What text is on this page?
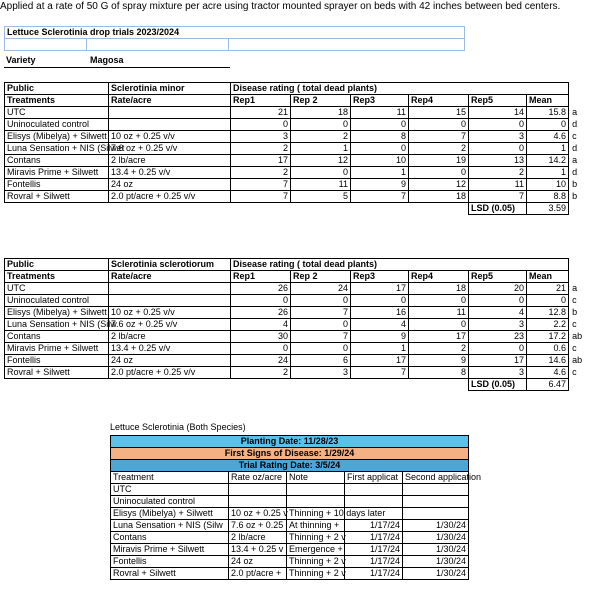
Applied at a rate of 50 G of spray mixture per acre using tractor mounted sprayer on beds with 42 inches between bed centers.
Lettuce Sclerotinia drop trials 2023/2024		

Variety	Magosa
Public	Sclerotinia minor	Disease rating ( total dead plants)						
Treatments	Rate/acre	Rep1	Rep 2	Rep3	Rep4	Rep5	Mean	
UTC		21	18	11	15	14	15.8	a
Uninoculated control		0	0	0	0	0	0	d
Elisys (Mibelya) + Silwett	10 oz + 0.25 v/v	3	2	8	7	3	4.6	c
Luna Sensation + NIS (Silwet	7.6 oz + 0.25 v/v	2	1	0	2	0	1	d
Contans	2 lb/acre	17	12	10	19	13	14.2	a
Miravis Prime + Silwett	13.4 + 0.25 v/v	2	0	1	0	2	1	d
Fontellis	24 oz	7	11	9	12	11	10	b
Rovral + Silwett	2.0 pt/acre + 0.25 v/v	7	5	7	18	7	8.8	b
						LSD (0.05)	3.59	
Public	Sclerotinia sclerotiorum	Disease rating ( total dead plants)						
Treatments	Rate/acre	Rep1	Rep 2	Rep3	Rep4	Rep5	Mean	
UTC		26	24	17	18	20	21	a
Uninoculated control		0	0	0	0	0	0	c
Elisys (Mibelya) + Silwett	10 oz + 0.25 v/v	26	7	16	11	4	12.8	b
Luna Sensation + NIS (Silw	7.6 oz + 0.25 v/v	4	0	4	0	3	2.2	c
Contans	2 lb/acre	30	7	9	17	23	17.2	ab
Miravis Prime + Silwett	13.4 + 0.25 v/v	0	0	1	2	0	0.6	c
Fontellis	24 oz	24	6	17	9	17	14.6	ab
Rovral + Silwett	2.0 pt/acre + 0.25 v/v	2	3	7	8	3	4.6	c
						LSD (0.05)	6.47	
Lettuce Sclerotinia (Both Species)
Planting Date: 11/28/23				
First Signs of Disease: 1/29/24				
Trial Rating Date: 3/5/24				
Treatment	Rate oz/acre	Note	First applicat	Second application
UTC				
Uninoculated control				
Elisys (Mibelya) + Silwett	10 oz + 0.25 v	Thinning + 10 days later		
Luna Sensation + NIS (Silw	7.6 oz + 0.25	At thinning +	1/17/24	1/30/24
Contans	2 lb/acre	Thinning + 2 v	1/17/24	1/30/24
Miravis Prime + Silwett	13.4 + 0.25 v	Emergence +	1/17/24	1/30/24
Fontellis	24 oz	Thinning + 2 v	1/17/24	1/30/24
Rovral + Silwett	2.0 pt/acre +	Thinning + 2 v	1/17/24	1/30/24
